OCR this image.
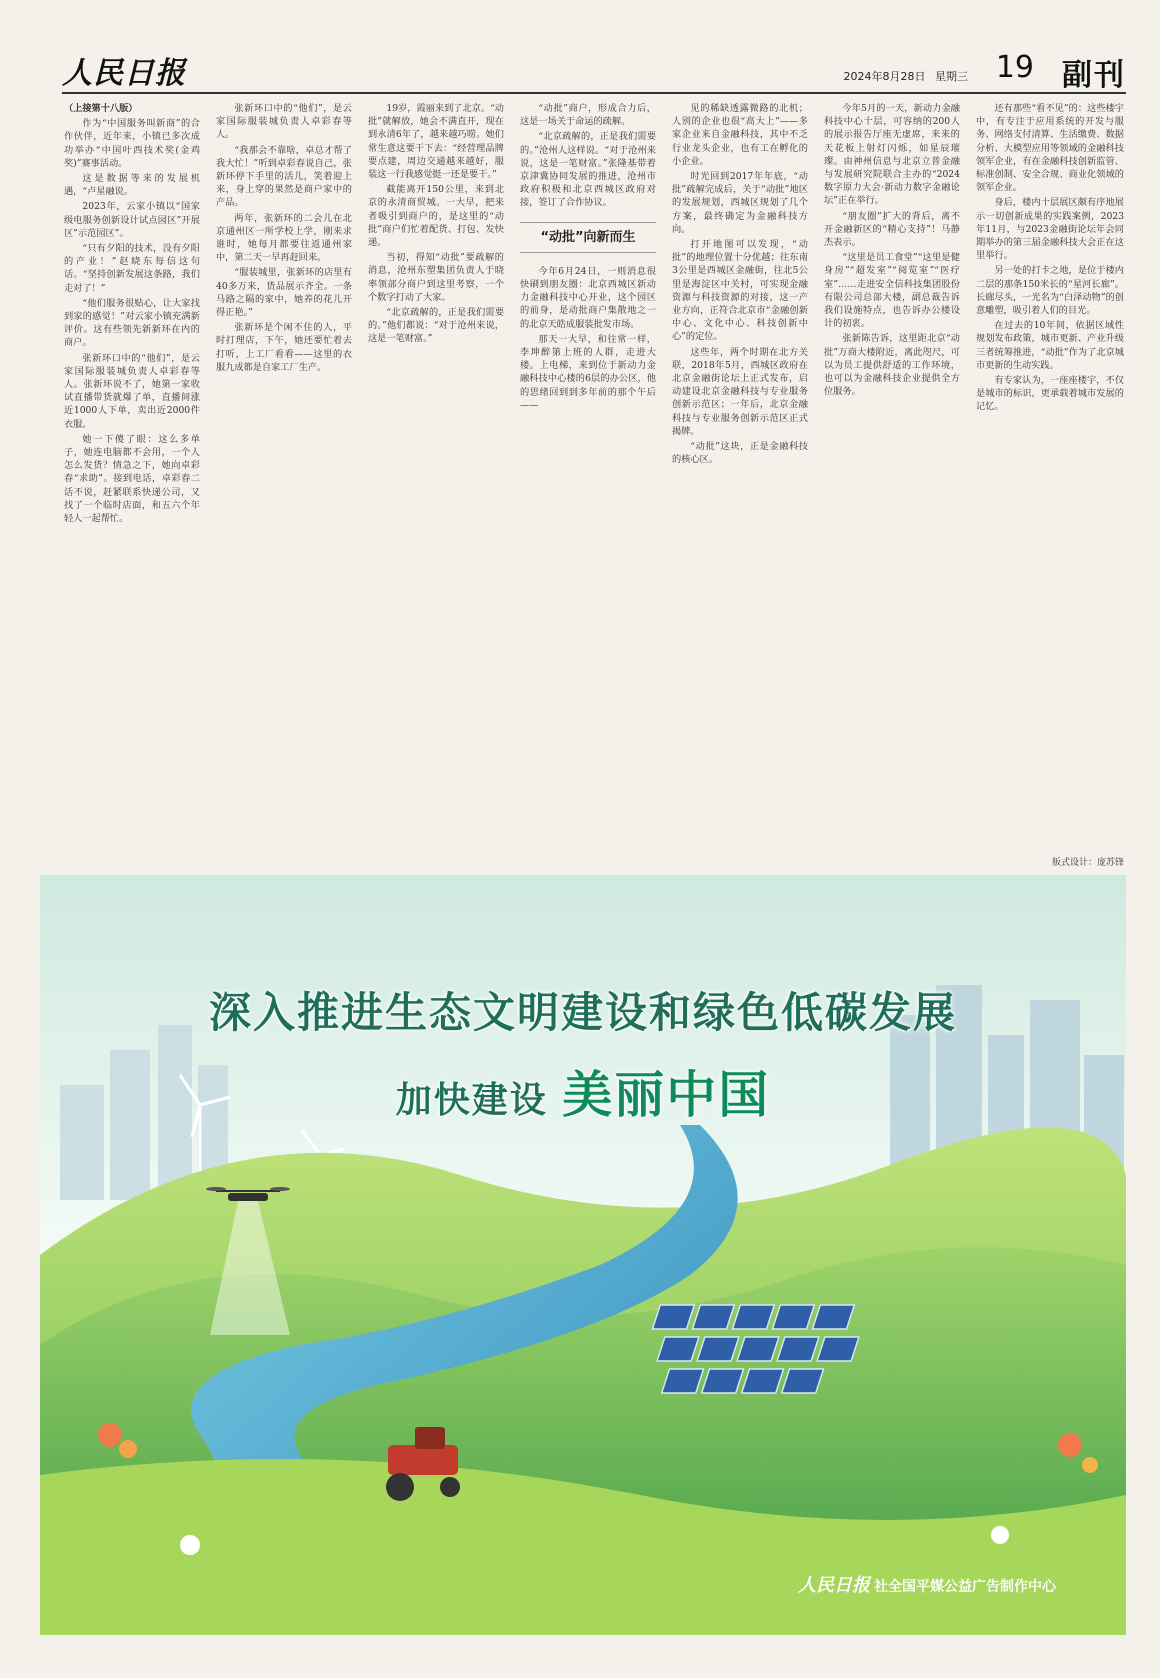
人民日报	2024年8月28日 星期三 19 副刊

（上接第十八版）

作为“中国服务叫新商”的合作伙伴，近年来，小镇已多次成功举办“中国叶西技术奖(金鸡奖)”赛事活动。

这是数据等来的发展机遇，“卢星融说。

2023年，云家小镇以“国家级电服务创新设计试点园区”开展区”示范园区”。

“只有夕阳的技术，没有夕阳的产业！”赵晓东每信这句话。“坚持创新发展这条路，我们走对了！”

“他们服务很贴心，让大家找到家的感觉！”对云家小镇充满新评价。这有些领先新新环在内的商户。

张新环口中的“他们”，是云家国际服装城负责人卓彩春等人。张新环说不了，她第一家收试直播带货就爆了单，直播间涨近1000人下单，卖出近2000件衣服。

她一下傻了眼：这么多单子，她连电脑都不会用，一个人怎么发货？情急之下，她向卓彩春“求助”。接到电话，卓彩春二话不说，赶紧联系快递公司，又找了一个临时店面，和五六个年轻人一起帮忙。

张新环口中的“他们”，是云家国际服装城负责人卓彩春等人。

“我那会不靠啥，卓总才帮了我大忙！”听到卓彩春说自己，张新环停下手里的活儿，笑着迎上来，身上穿的果然是商户家中的产品。

两年，张新环的二会儿在北京通州区一所学校上学，刚来求谁时，她每月都要往返通州家中，第二天一早再赶回来。

“服装城里，张新环的店里有40多万来，货品展示齐全。一条马路之隔的家中，她养的花儿开得正艳。”

张新环是个闲不住的人，平时打理店，下午，她还要忙着去打听，上工厂看看——这里的衣服九成都是自家工厂生产。

19岁，霞丽来到了北京。“动批”就解放，她会不满直开，现在到永清6年了，越来越巧唠。她们常生意这要干下去：“经营理品牌要点建，周边交通越来越好，服装这一行我感觉挺一还是要干。”

截能离开150公里，来到北京的永清商贸城。一大早，把来者吸引到商户的，是这里的“动批”商户们忙着配货、打包、发快递。

当初，得知“动批”要疏解的消息，沧州东塑集团负责人于晓率领部分商户到这里考察，一个个数字打动了大家。

“北京疏解的，正是我们需要的。”他们都说：“对于沧州来说，这是一笔财富。”

“动批”商户，形成合力后，这是一场关于命运的疏解。

“北京疏解的，正是我们需要的。”沧州人这样说。“对于沧州来说，这是一笔财富。”张隆基带着京津冀协同发展的推进，沧州市政府积极和北京西城区政府对接，签订了合作协议。

“动批”向新而生

今年6月24日，一则消息很快刷到朋友圈：北京西城区新动力金融科技中心开业，这个园区的前身，是动批商户集散地之一的北京天皓成服装批发市场。

那天一大早，和往常一样，李坤醉第上班的人群，走进大楼。上电梯，来到位于新动力金融科技中心楼的6层的办公区，他的思绪回到到多年前的那个午后——

见的稀缺透露微路的北机；人别的企业也很“高大上”——多家企业来自金融科技，其中不乏行业龙头企业，也有工在孵化的小企业。

时光回到2017年年底，“动批”疏解完成后，关于“动批”地区的发展规划，西城区规划了几个方案，最终确定为金融科技方向。

打开地图可以发现，“动批”的地理位置十分优越；往东南3公里是西城区金融街，往北5公里是海淀区中关村，可实现金融资源与科技资源的对接，这一产业方向，正符合北京市“金融创新中心、文化中心、科技创新中心”的定位。

这些年，两个时期在北方关联，2018年5月，西城区政府在北京金融街论坛上正式发布，启动建设北京金融科技与专业服务创新示范区；一年后，北京金融科技与专业服务创新示范区正式揭牌。

“动批”这块，正是金融科技的核心区。

今年5月的一天，新动力金融科技中心十层，可容纳的200人的展示报告厅座无虚席，来来的天花板上射灯闪烁，如星辰璀璨。由神州信息与北京立普金融与发展研究院联合主办的“2024数字原力大会·新动力数字金融论坛”正在举行。

“朋友圈”扩大的背后，离不开金融新区的“精心支持”！马静杰表示。

“这里是员工食堂”“这里是健身房”“超发室”“阅览室”“医疗室”……走进安全信科技集团股份有限公司总部大楼，副总裁告诉我们设施特点，也告诉办公楼设计的初衷。

张新陈告诉，这里距北京“动批”万商大楼附近，离此咫尺，可以为员工提供舒适的工作环境，也可以为金融科技企业提供全方位服务。

还有那些“看不见”的：这些楼宇中，有专注于应用系统的开发与服务、网络支付清算、生活缴费、数据分析、大模型应用等领域的金融科技领军企业，有在金融科技创新监管、标准创制、安全合规、商业化领域的领军企业。

身后，楼内十层展区颇有序地展示一切创新成果的实践案例，2023年11月，与2023金融街论坛年会同期举办的第三届金融科技大会正在这里举行。

另一处的打卡之地，是位于楼内二层的那条150米长的“星河长廊”。长廊尽头，一光名为“白泽动物”的创意雕塑，吸引着人们的目光。

在过去的10年间，依据区域性规划发布政策，城市更新、产业升级三者统筹推进，“动批”作为了北京城市更新的生动实践。

有专家认为，一座座楼宇，不仅是城市的标识，更承载着城市发展的记忆。

版式设计：庞苏锋
深入推进生态文明建设和绿色低碳发展
加快建设 美丽中国
人民日报 社全国平媒公益广告制作中心
